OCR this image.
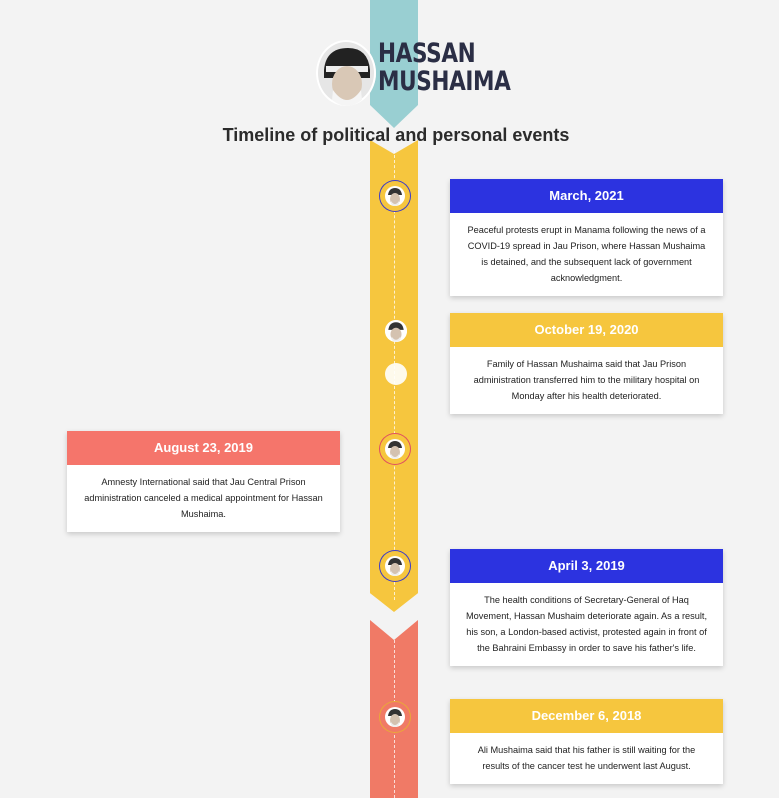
HASSAN
MUSHAIMA
Timeline of political and personal events
March, 2021
Peaceful protests erupt in Manama following the news of a COVID-19 spread in Jau Prison, where Hassan Mushaima is detained, and the subsequent lack of government acknowledgment.
October 19, 2020
Family of Hassan Mushaima said that Jau Prison administration transferred him to the military hospital on Monday after his health deteriorated.
August 23, 2019
Amnesty International said that Jau Central Prison administration canceled a medical appointment for Hassan Mushaima.
April 3, 2019
The health conditions of Secretary-General of Haq Movement, Hassan Mushaim deteriorate again. As a result, his son, a London-based activist, protested again in front of the Bahraini Embassy in order to save his father's life.
December 6, 2018
Ali Mushaima said that his father is still waiting for the results of the cancer test he underwent last August.
